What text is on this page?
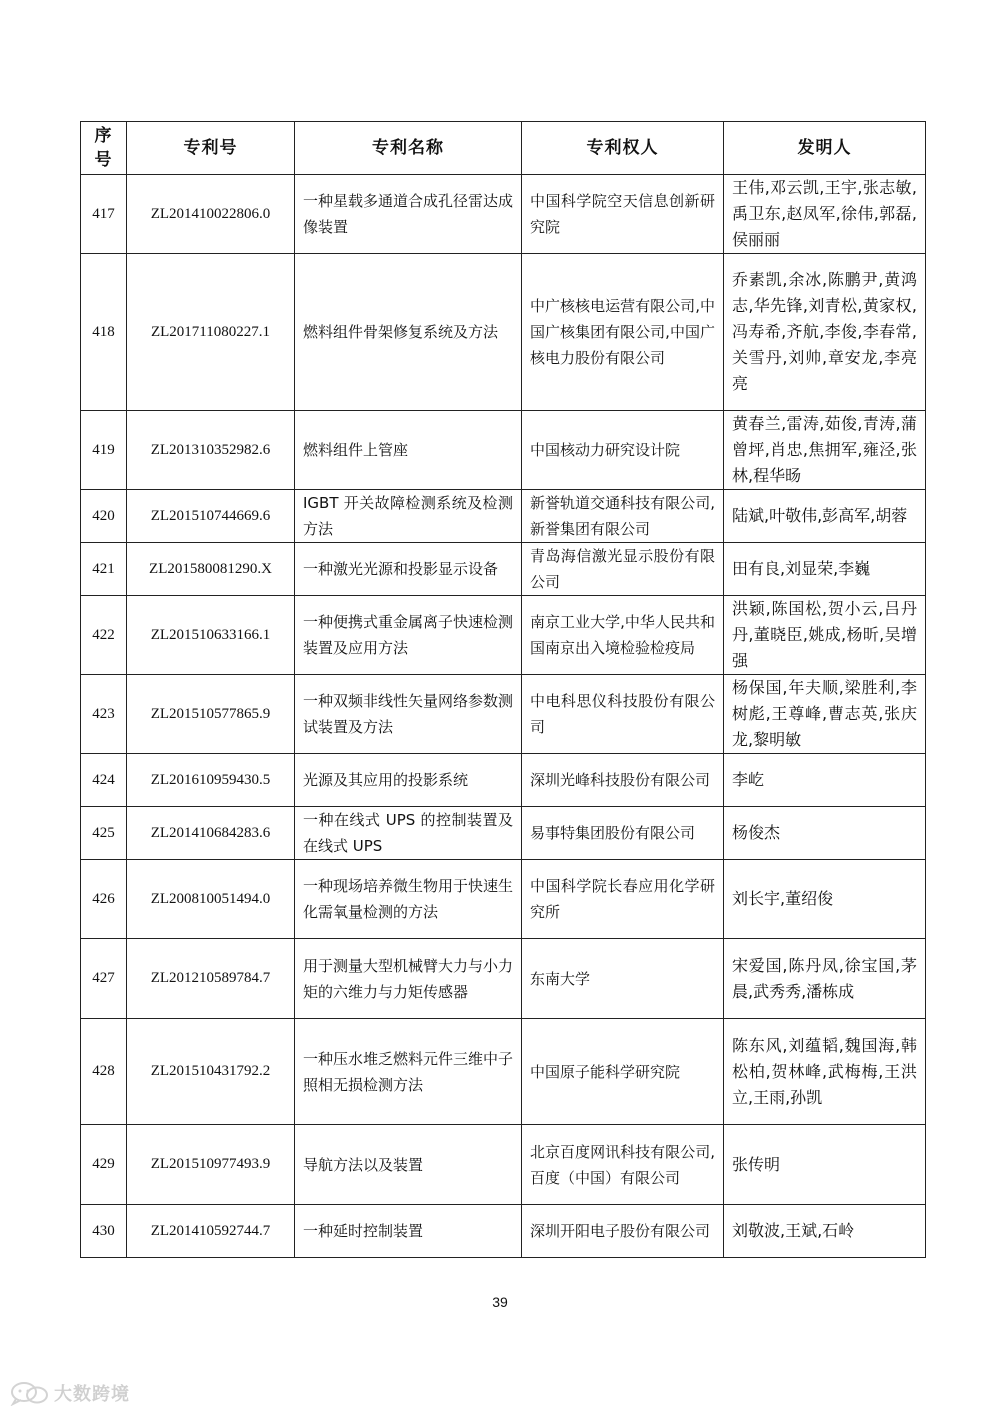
序号	专利号	专利名称	专利权人	发明人
417	ZL201410022806.0	一种星载多通道合成孔径雷达成像装置	中国科学院空天信息创新研究院	王伟,邓云凯,王宇,张志敏,禹卫东,赵凤军,徐伟,郭磊,侯丽丽
418	ZL201711080227.1	燃料组件骨架修复系统及方法	中广核核电运营有限公司,中国广核集团有限公司,中国广核电力股份有限公司	乔素凯,余冰,陈鹏尹,黄鸿志,华先锋,刘青松,黄家权,冯寿希,齐航,李俊,李春常,关雪丹,刘帅,章安龙,李亮亮
419	ZL201310352982.6	燃料组件上管座	中国核动力研究设计院	黄春兰,雷涛,茹俊,青涛,蒲曾坪,肖忠,焦拥军,雍泾,张林,程华旸
420	ZL201510744669.6	IGBT 开关故障检测系统及检测方法	新誉轨道交通科技有限公司,新誉集团有限公司	陆斌,叶敬伟,彭高军,胡蓉
421	ZL201580081290.X	一种激光光源和投影显示设备	青岛海信激光显示股份有限公司	田有良,刘显荣,李巍
422	ZL201510633166.1	一种便携式重金属离子快速检测装置及应用方法	南京工业大学,中华人民共和国南京出入境检验检疫局	洪颖,陈国松,贺小云,吕丹丹,董晓臣,姚成,杨昕,吴增强
423	ZL201510577865.9	一种双频非线性矢量网络参数测试装置及方法	中电科思仪科技股份有限公司	杨保国,年夫顺,梁胜利,李树彪,王尊峰,曹志英,张庆龙,黎明敏
424	ZL201610959430.5	光源及其应用的投影系统	深圳光峰科技股份有限公司	李屹
425	ZL201410684283.6	一种在线式 UPS 的控制装置及在线式 UPS	易事特集团股份有限公司	杨俊杰
426	ZL200810051494.0	一种现场培养微生物用于快速生化需氧量检测的方法	中国科学院长春应用化学研究所	刘长宇,董绍俊
427	ZL201210589784.7	用于测量大型机械臂大力与小力矩的六维力与力矩传感器	东南大学	宋爱国,陈丹凤,徐宝国,茅晨,武秀秀,潘栋成
428	ZL201510431792.2	一种压水堆乏燃料元件三维中子照相无损检测方法	中国原子能科学研究院	陈东风,刘蕴韬,魏国海,韩松柏,贺林峰,武梅梅,王洪立,王雨,孙凯
429	ZL201510977493.9	导航方法以及装置	北京百度网讯科技有限公司,百度（中国）有限公司	张传明
430	ZL201410592744.7	一种延时控制装置	深圳开阳电子股份有限公司	刘敬波,王斌,石岭
39
大数跨境
